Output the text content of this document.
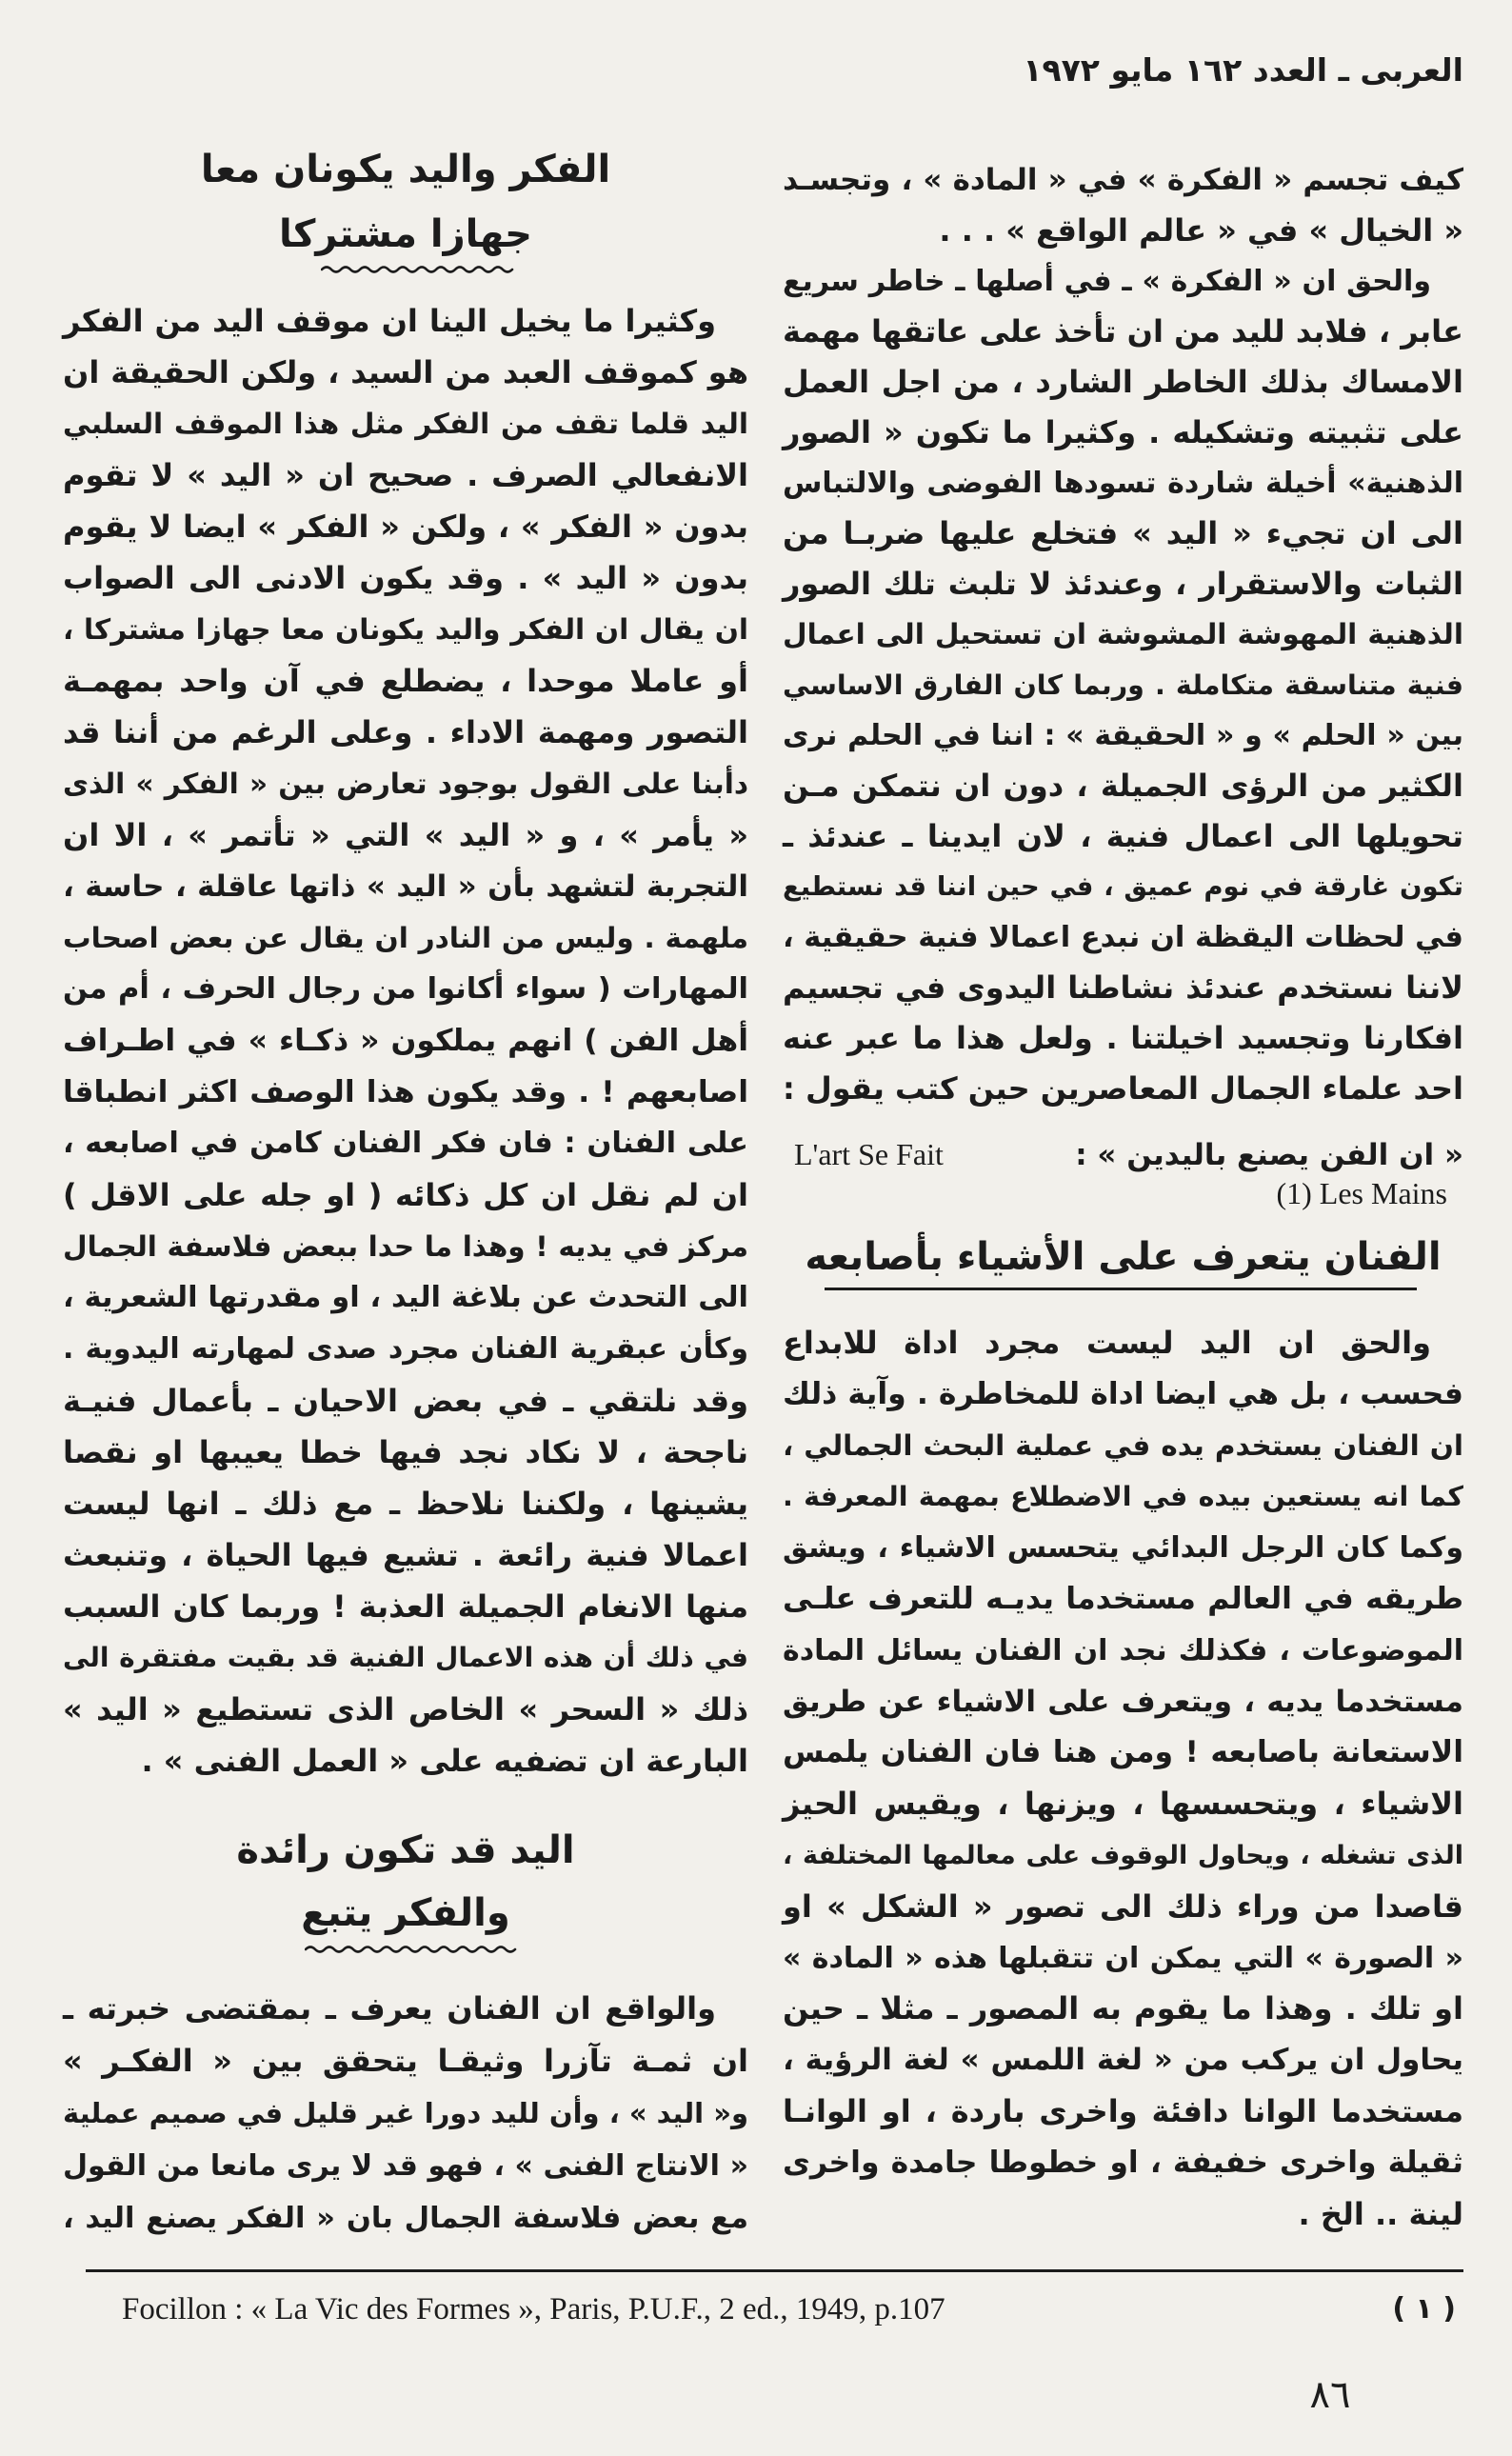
العربى ـ العدد ١٦٢ مايو ١٩٧٢
كيف تجسم « الفكرة » في « المادة » ، وتجسـد
« الخيال » في « عالم الواقع » . . .
والحق ان « الفكرة » ـ في أصلها ـ خاطر سريع
عابر ، فلابد لليد من ان تأخذ على عاتقها مهمة
الامساك بذلك الخاطر الشارد ، من اجل العمل
على تثبيته وتشكيله . وكثيرا ما تكون « الصور
الذهنية» أخيلة شاردة تسودها الفوضى والالتباس
الى ان تجيء « اليد » فتخلع عليها ضربـا من
الثبات والاستقرار ، وعندئذ لا تلبث تلك الصور
الذهنية المهوشة المشوشة ان تستحيل الى اعمال
فنية متناسقة متكاملة . وربما كان الفارق الاساسي
بين « الحلم » و « الحقيقة » : اننا في الحلم نرى
الكثير من الرؤى الجميلة ، دون ان نتمكن مـن
تحويلها الى اعمال فنية ، لان ايدينا ـ عندئذ ـ
تكون غارقة في نوم عميق ، في حين اننا قد نستطيع
في لحظات اليقظة ان نبدع اعمالا فنية حقيقية ،
لاننا نستخدم عندئذ نشاطنا اليدوى في تجسيم
افكارنا وتجسيد اخيلتنا . ولعل هذا ما عبر عنه
احد علماء الجمال المعاصرين حين كتب يقول :
« ان الفن يصنع باليدين » :
L'art Se Fait
(1) Les Mains
الفنان يتعرف على الأشياء بأصابعه
والحق ان اليد ليست مجرد اداة للابداع
فحسب ، بل هي ايضا اداة للمخاطرة . وآية ذلك
ان الفنان يستخدم يده في عملية البحث الجمالي ،
كما انه يستعين بيده في الاضطلاع بمهمة المعرفة .
وكما كان الرجل البدائي يتحسس الاشياء ، ويشق
طريقه في العالم مستخدما يديـه للتعرف علـى
الموضوعات ، فكذلك نجد ان الفنان يسائل المادة
مستخدما يديه ، ويتعرف على الاشياء عن طريق
الاستعانة باصابعه ! ومن هنا فان الفنان يلمس
الاشياء ، ويتحسسها ، ويزنها ، ويقيس الحيز
الذى تشغله ، ويحاول الوقوف على معالمها المختلفة ،
قاصدا من وراء ذلك الى تصور « الشكل » او
« الصورة » التي يمكن ان تتقبلها هذه « المادة »
او تلك . وهذا ما يقوم به المصور ـ مثلا ـ حين
يحاول ان يركب من « لغة اللمس » لغة الرؤية ،
مستخدما الوانا دافئة واخرى باردة ، او الوانـا
ثقيلة واخرى خفيفة ، او خطوطا جامدة واخرى
لينة .. الخ .
الفكر واليد يكونان معا
جهازا مشتركا
وكثيرا ما يخيل الينا ان موقف اليد من الفكر
هو كموقف العبد من السيد ، ولكن الحقيقة ان
اليد قلما تقف من الفكر مثل هذا الموقف السلبي
الانفعالي الصرف . صحيح ان « اليد » لا تقوم
بدون « الفكر » ، ولكن « الفكر » ايضا لا يقوم
بدون « اليد » . وقد يكون الادنى الى الصواب
ان يقال ان الفكر واليد يكونان معا جهازا مشتركا ،
أو عاملا موحدا ، يضطلع في آن واحد بمهمـة
التصور ومهمة الاداء . وعلى الرغم من أننا قد
دأبنا على القول بوجود تعارض بين « الفكر » الذى
« يأمر » ، و « اليد » التي « تأتمر » ، الا ان
التجربة لتشهد بأن « اليد » ذاتها عاقلة ، حاسة ،
ملهمة . وليس من النادر ان يقال عن بعض اصحاب
المهارات ( سواء أكانوا من رجال الحرف ، أم من
أهل الفن ) انهم يملكون « ذكـاء » في اطـراف
اصابعهم ! . وقد يكون هذا الوصف اكثر انطباقا
على الفنان : فان فكر الفنان كامن في اصابعه ،
ان لم نقل ان كل ذكائه ( او جله على الاقل )
مركز في يديه ! وهذا ما حدا ببعض فلاسفة الجمال
الى التحدث عن بلاغة اليد ، او مقدرتها الشعرية ،
وكأن عبقرية الفنان مجرد صدى لمهارته اليدوية .
وقد نلتقي ـ في بعض الاحيان ـ بأعمال فنيـة
ناجحة ، لا نكاد نجد فيها خطا يعيبها او نقصا
يشينها ، ولكننا نلاحظ ـ مع ذلك ـ انها ليست
اعمالا فنية رائعة . تشيع فيها الحياة ، وتنبعث
منها الانغام الجميلة العذبة ! وربما كان السبب
في ذلك أن هذه الاعمال الفنية قد بقيت مفتقرة الى
ذلك « السحر » الخاص الذى تستطيع « اليد »
البارعة ان تضفيه على « العمل الفنى » .
اليد قد تكون رائدة
والفكر يتبع
والواقع ان الفنان يعرف ـ بمقتضى خبرته ـ
ان ثمـة تآزرا وثيقـا يتحقق بين « الفكـر »
و« اليد » ، وأن لليد دورا غير قليل في صميم عملية
« الانتاج الفنى » ، فهو قد لا يرى مانعا من القول
مع بعض فلاسفة الجمال بان « الفكر يصنع اليد ،
Focillon : « La Vic des Formes », Paris, P.U.F., 2 ed., 1949, p.107	( ١ )
٨٦
